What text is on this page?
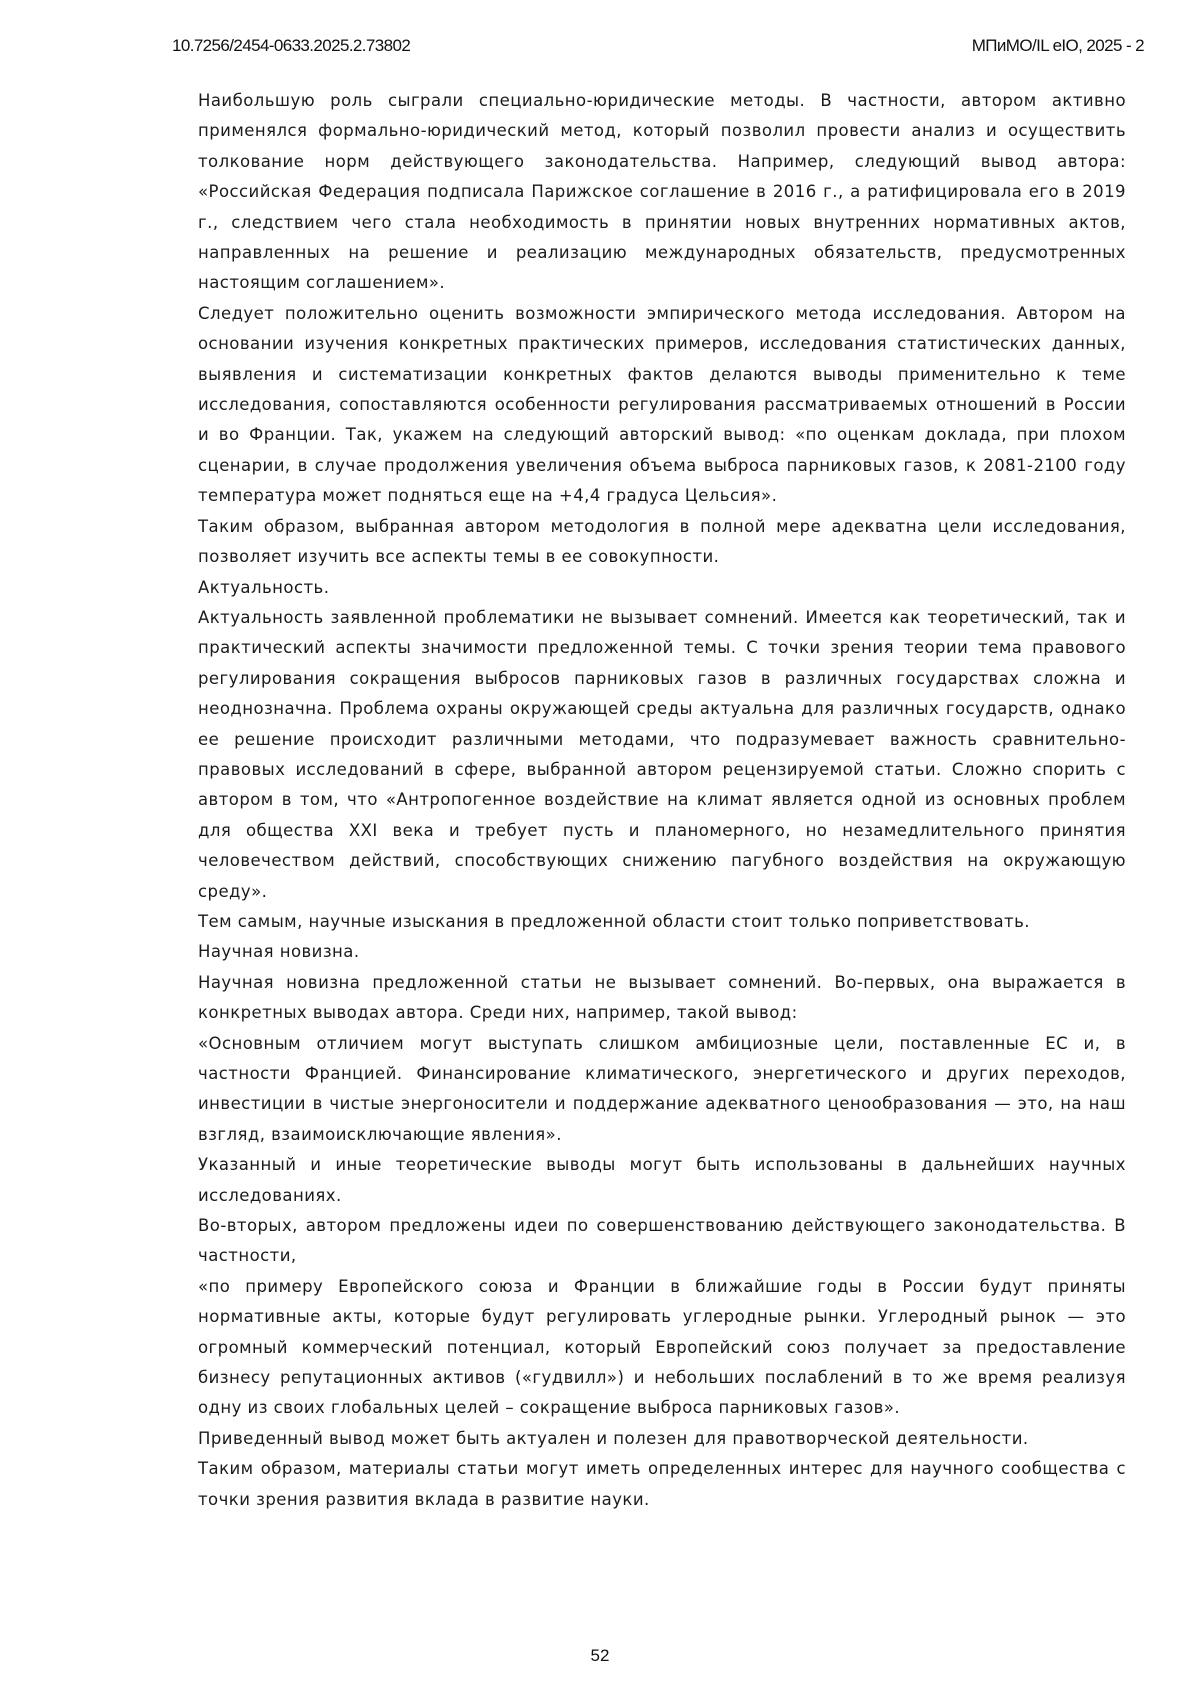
10.7256/2454-0633.2025.2.73802	МПиМО/IL eIO, 2025 - 2

Наибольшую роль сыграли специально-юридические методы. В частности, автором активно применялся формально-юридический метод, который позволил провести анализ и осуществить толкование норм действующего законодательства. Например, следующий вывод автора: «Российская Федерация подписала Парижское соглашение в 2016 г., а ратифицировала его в 2019 г., следствием чего стала необходимость в принятии новых внутренних нормативных актов, направленных на решение и реализацию международных обязательств, предусмотренных настоящим соглашением».

Следует положительно оценить возможности эмпирического метода исследования. Автором на основании изучения конкретных практических примеров, исследования статистических данных, выявления и систематизации конкретных фактов делаются выводы применительно к теме исследования, сопоставляются особенности регулирования рассматриваемых отношений в России и во Франции. Так, укажем на следующий авторский вывод: «по оценкам доклада, при плохом сценарии, в случае продолжения увеличения объема выброса парниковых газов, к 2081-2100 году температура может подняться еще на +4,4 градуса Цельсия».

Таким образом, выбранная автором методология в полной мере адекватна цели исследования, позволяет изучить все аспекты темы в ее совокупности.

Актуальность.

Актуальность заявленной проблематики не вызывает сомнений. Имеется как теоретический, так и практический аспекты значимости предложенной темы. С точки зрения теории тема правового регулирования сокращения выбросов парниковых газов в различных государствах сложна и неоднозначна. Проблема охраны окружающей среды актуальна для различных государств, однако ее решение происходит различными методами, что подразумевает важность сравнительно-правовых исследований в сфере, выбранной автором рецензируемой статьи. Сложно спорить с автором в том, что «Антропогенное воздействие на климат является одной из основных проблем для общества XXI века и требует пусть и планомерного, но незамедлительного принятия человечеством действий, способствующих снижению пагубного воздействия на окружающую среду».

Тем самым, научные изыскания в предложенной области стоит только поприветствовать.

Научная новизна.

Научная новизна предложенной статьи не вызывает сомнений. Во-первых, она выражается в конкретных выводах автора. Среди них, например, такой вывод:

«Основным отличием могут выступать слишком амбициозные цели, поставленные ЕС и, в частности Францией. Финансирование климатического, энергетического и других переходов, инвестиции в чистые энергоносители и поддержание адекватного ценообразования — это, на наш взгляд, взаимоисключающие явления».

Указанный и иные теоретические выводы могут быть использованы в дальнейших научных исследованиях.

Во-вторых, автором предложены идеи по совершенствованию действующего законодательства. В частности,

«по примеру Европейского союза и Франции в ближайшие годы в России будут приняты нормативные акты, которые будут регулировать углеродные рынки. Углеродный рынок — это огромный коммерческий потенциал, который Европейский союз получает за предоставление бизнесу репутационных активов («гудвилл») и небольших послаблений в то же время реализуя одну из своих глобальных целей – сокращение выброса парниковых газов».

Приведенный вывод может быть актуален и полезен для правотворческой деятельности.

Таким образом, материалы статьи могут иметь определенных интерес для научного сообщества с точки зрения развития вклада в развитие науки.

52
